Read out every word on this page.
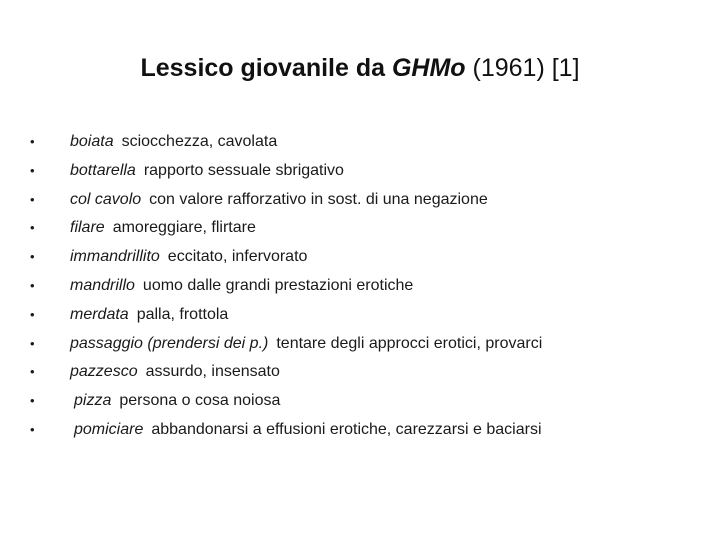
Lessico giovanile da GHMo (1961) [1]
•	boiata sciocchezza, cavolata
•	bottarella rapporto sessuale sbrigativo
•	col cavolo con valore rafforzativo in sost. di una negazione
•	filare amoreggiare, flirtare
•	immandrillito eccitato, infervorato
•	mandrillo uomo dalle grandi prestazioni erotiche
•	merdata palla, frottola
•	passaggio (prendersi dei p.) tentare degli approcci erotici, provarci
•	pazzesco assurdo, insensato
•	pizza persona o cosa noiosa
•	pomiciare abbandonarsi a effusioni erotiche, carezzarsi e baciarsi
